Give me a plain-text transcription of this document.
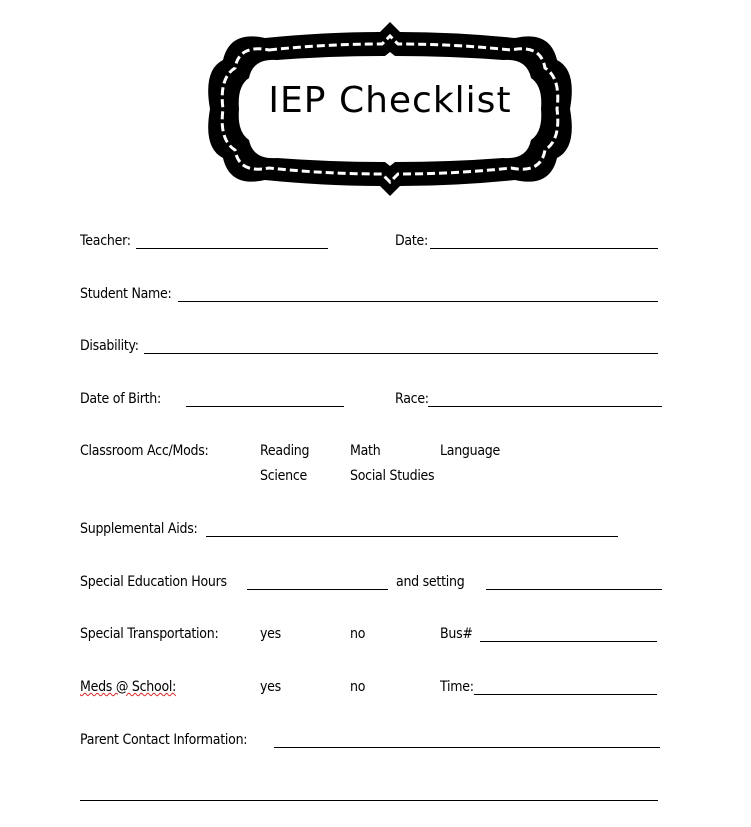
IEP Checklist
Teacher:	Date:
Student Name:
Disability:
Date of Birth:	Race:
Classroom Acc/Mods:	Reading	Math	Language
Science	Social Studies
Supplemental Aids:
Special Education Hours	and setting
Special Transportation:	yes	no	Bus#
Meds @ School:	yes	no	Time:
Parent Contact Information:
